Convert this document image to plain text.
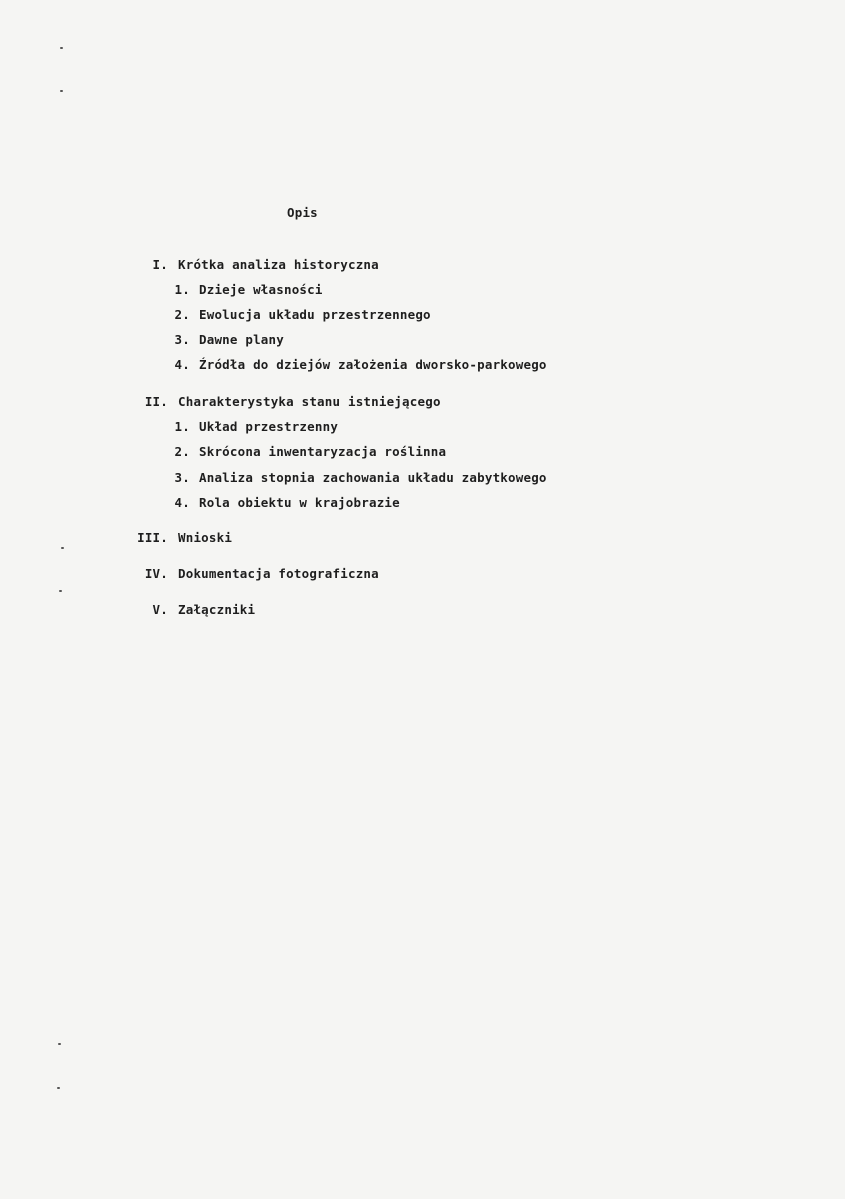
Opis
I. Krótka analiza historyczna
1. Dzieje własności
2. Ewolucja układu przestrzennego
3. Dawne plany
4. Źródła do dziejów założenia dworsko-parkowego
II. Charakterystyka stanu istniejącego
1. Układ przestrzenny
2. Skrócona inwentaryzacja roślinna
3. Analiza stopnia zachowania układu zabytkowego
4. Rola obiektu w krajobrazie
III. Wnioski
IV. Dokumentacja fotograficzna
V. Załączniki
